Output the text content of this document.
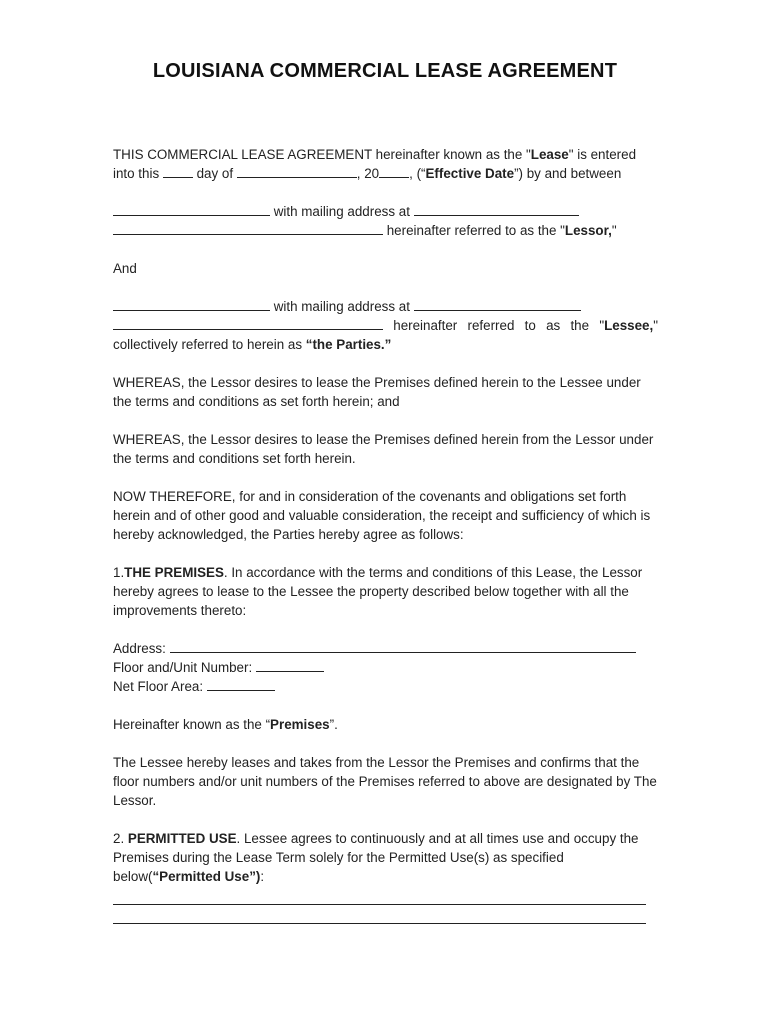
LOUISIANA COMMERCIAL LEASE AGREEMENT

THIS COMMERCIAL LEASE AGREEMENT hereinafter known as the "Lease" is entered into this  day of	, 20 , (“Effective Date”) by and between

with mailing address at
hereinafter referred to as the "Lessor,"

And

with mailing address at
hereinafter referred to as the "Lessee,"
collectively referred to herein as “the Parties.”

WHEREAS, the Lessor desires to lease the Premises defined herein to the Lessee under the terms and conditions as set forth herein; and

WHEREAS, the Lessor desires to lease the Premises defined herein from the Lessor under the terms and conditions set forth herein.

NOW THEREFORE, for and in consideration of the covenants and obligations set forth herein and of other good and valuable consideration, the receipt and sufficiency of which is hereby acknowledged, the Parties hereby agree as follows:

1.THE PREMISES. In accordance with the terms and conditions of this Lease, the Lessor hereby agrees to lease to the Lessee the property described below together with all the improvements thereto:

Address:
Floor and/Unit Number:
Net Floor Area:

Hereinafter known as the “Premises”.

The Lessee hereby leases and takes from the Lessor the Premises and confirms that the floor numbers and/or unit numbers of the Premises referred to above are designated by The Lessor.

2. PERMITTED USE. Lessee agrees to continuously and at all times use and occupy the Premises during the Lease Term solely for the Permitted Use(s) as specified below(“Permitted Use”):
